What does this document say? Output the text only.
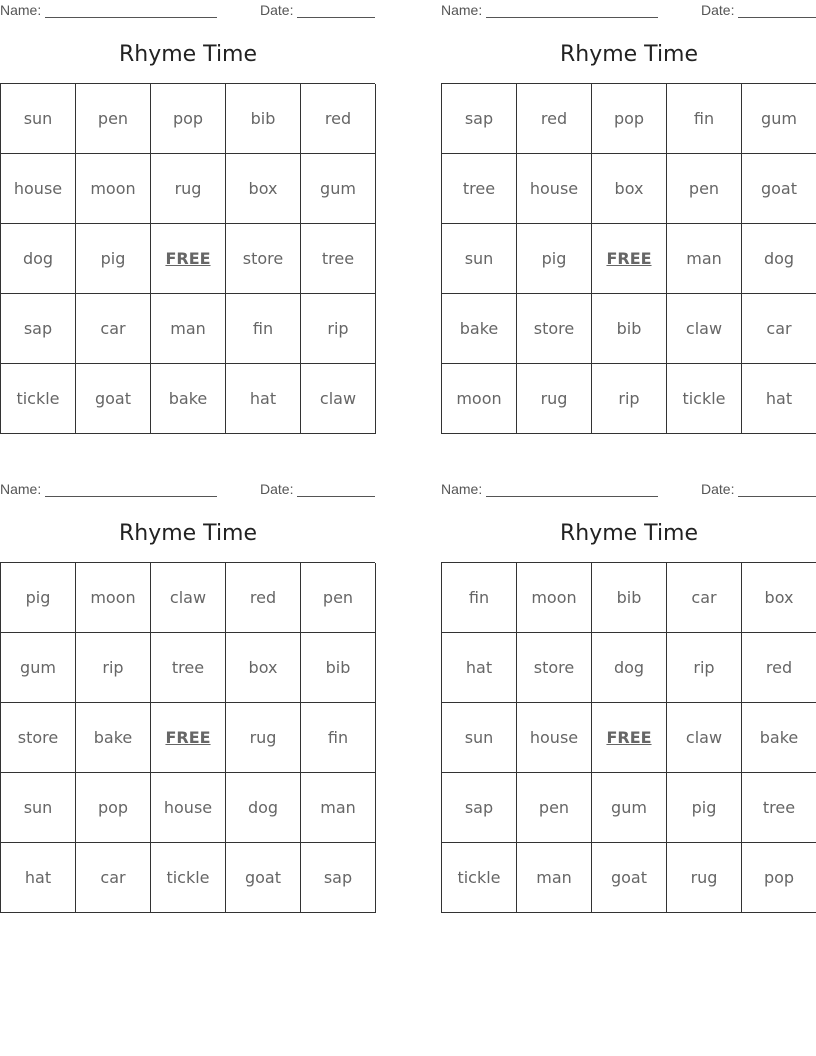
Name:	Date:
Rhyme Time
sun	pen	pop	bib	red
house	moon	rug	box	gum
dog	pig	FREE	store	tree
sap	car	man	fin	rip
tickle	goat	bake	hat	claw
Name:	Date:
Rhyme Time
sap	red	pop	fin	gum
tree	house	box	pen	goat
sun	pig	FREE	man	dog
bake	store	bib	claw	car
moon	rug	rip	tickle	hat
Name:	Date:
Rhyme Time
pig	moon	claw	red	pen
gum	rip	tree	box	bib
store	bake	FREE	rug	fin
sun	pop	house	dog	man
hat	car	tickle	goat	sap
Name:	Date:
Rhyme Time
fin	moon	bib	car	box
hat	store	dog	rip	red
sun	house	FREE	claw	bake
sap	pen	gum	pig	tree
tickle	man	goat	rug	pop
